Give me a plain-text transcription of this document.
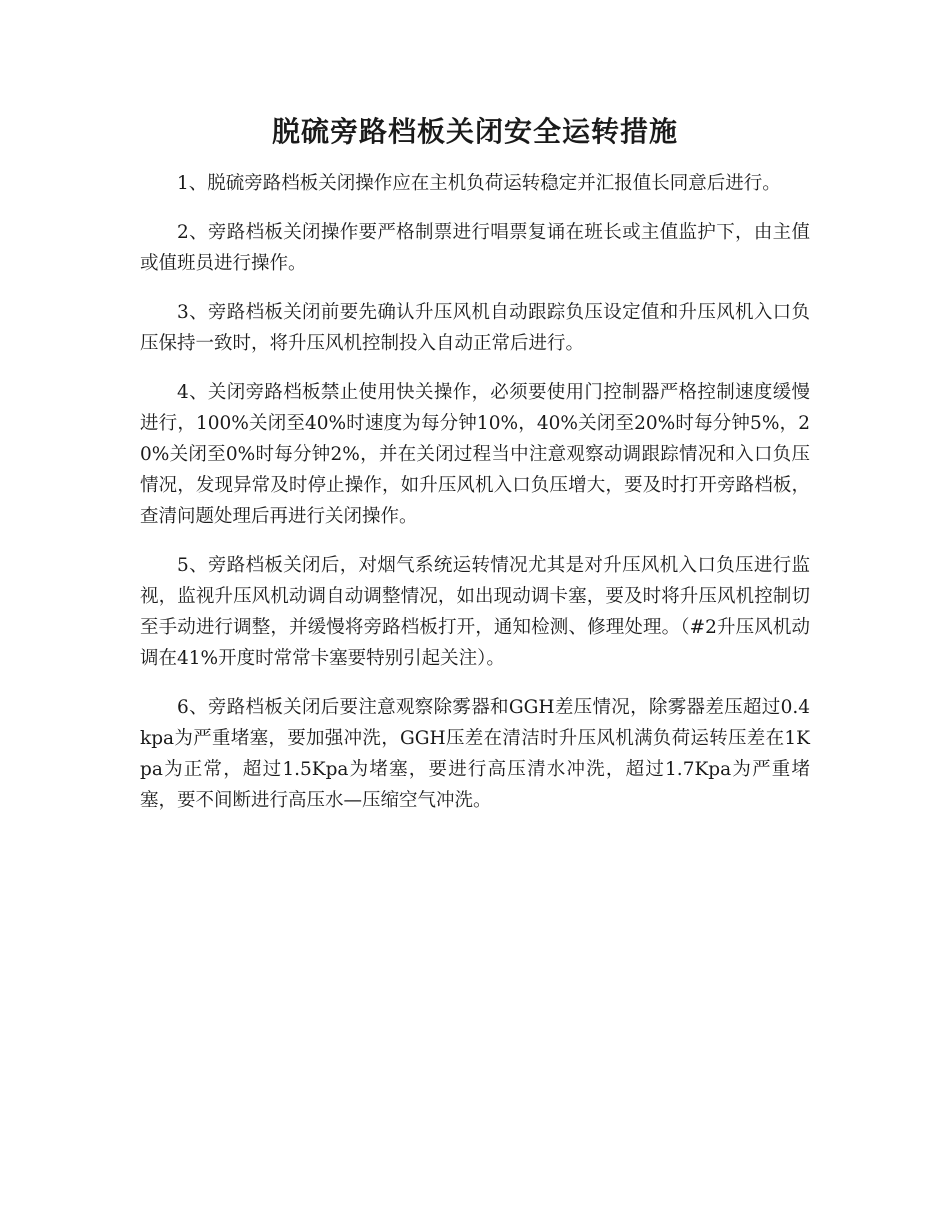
脱硫旁路档板关闭安全运转措施

1、脱硫旁路档板关闭操作应在主机负荷运转稳定并汇报值长同意后进行。

2、旁路档板关闭操作要严格制票进行唱票复诵在班长或主值监护下，由主值或值班员进行操作。

3、旁路档板关闭前要先确认升压风机自动跟踪负压设定值和升压风机入口负压保持一致时，将升压风机控制投入自动正常后进行。

4、关闭旁路档板禁止使用快关操作，必须要使用门控制器严格控制速度缓慢进行，100%关闭至40%时速度为每分钟10%，40%关闭至20%时每分钟5%，20%关闭至0%时每分钟2%，并在关闭过程当中注意观察动调跟踪情况和入口负压情况，发现异常及时停止操作，如升压风机入口负压增大，要及时打开旁路档板，查清问题处理后再进行关闭操作。

5、旁路档板关闭后，对烟气系统运转情况尤其是对升压风机入口负压进行监视，监视升压风机动调自动调整情况，如出现动调卡塞，要及时将升压风机控制切至手动进行调整，并缓慢将旁路档板打开，通知检测、修理处理。（#2升压风机动调在41%开度时常常卡塞要特别引起关注）。

6、旁路档板关闭后要注意观察除雾器和GGH差压情况，除雾器差压超过0.4kpa为严重堵塞，要加强冲洗，GGH压差在清洁时升压风机满负荷运转压差在1Kpa为正常，超过1.5Kpa为堵塞，要进行高压清水冲洗，超过1.7Kpa为严重堵塞，要不间断进行高压水—压缩空气冲洗。
